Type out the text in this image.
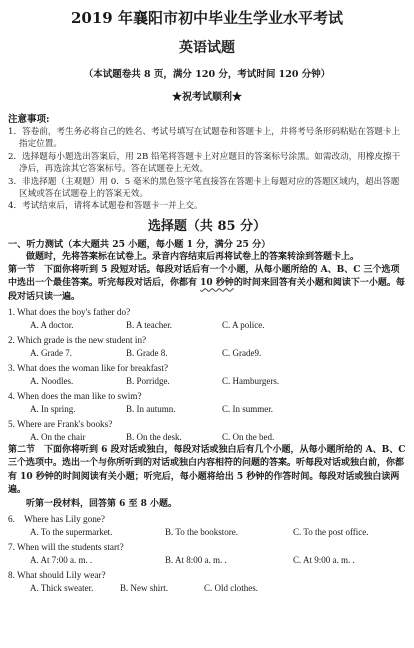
2019 年襄阳市初中毕业生学业水平考试
英语试题
（本试题卷共 8 页，满分 120 分，考试时间 120 分钟）
★祝考试顺利★
注意事项:
1．答卷前，考生务必将自己的姓名、考试号填写在试题卷和答题卡上，并将考号条形码粘贴在答题卡上指定位置。
2．选择题每小题选出答案后，用 2B 铅笔将答题卡上对应题目的答案标号涂黑。如需改动，用橡皮擦干净后，再选涂其它答案标号。答在试题卷上无效。
3．非选择题（主观题）用 0．5 毫米的黑色签字笔直接答在答题卡上每题对应的答题区域内，超出答题区域或答在试题卷上的答案无效。
4．考试结束后，请将本试题卷和答题卡一并上交。
选择题（共 85 分）
一、听力测试（本大题共 25 小题，每小题 1 分，满分 25 分）
做题时，先将答案标在试卷上。录音内容结束后再将试卷上的答案转涂到答题卡上。
第一节　下面你将听到 5 段短对话。每段对话后有一个小题，从每小题所给的 A、B、C 三个选项中选出一个最佳答案。听完每段对话后，你都有 10 秒钟的时间来回答有关小题和阅读下一小题。每段对话只读一遍。
1. What does the boy's father do?
A. A doctor.	B. A teacher.	C. A police.
2. Which grade is the new student in?
A. Grade 7.	B. Grade 8.	C. Grade9.
3. What does the woman like for breakfast?
A. Noodles.	B. Porridge.	C. Hamburgers.
4. When does the man like to swim?
A. In spring.	B. In autumn.	C. In summer.
5. Where are Frank's books?
A. On the chair	B. On the desk.	C. On the bed.
第二节　下面你将听到 6 段对话或独白，每段对话或独白后有几个小题，从每小题所给的 A、B、C 三个选项中。选出一个与你所听到的对话或独白内容相符的问题的答案。听每段对话或独白前，你都有 10 秒钟的时间阅读有关小题；听完后，每小题将给出 5 秒钟的作答时间。每段对话或独白读两遍。
听第一段材料，回答第 6 至 8 小题。
6.　Where has Lily gone?
A. To the supermarket.	B. To the bookstore.	C. To the post office.
7. When will the students start?
A. At 7:00 a. m. .	B. At 8:00 a. m. .	C. At 9:00 a. m. .
8. What should Lily wear?
A. Thick sweater.	B. New shirt.	C. Old clothes.
